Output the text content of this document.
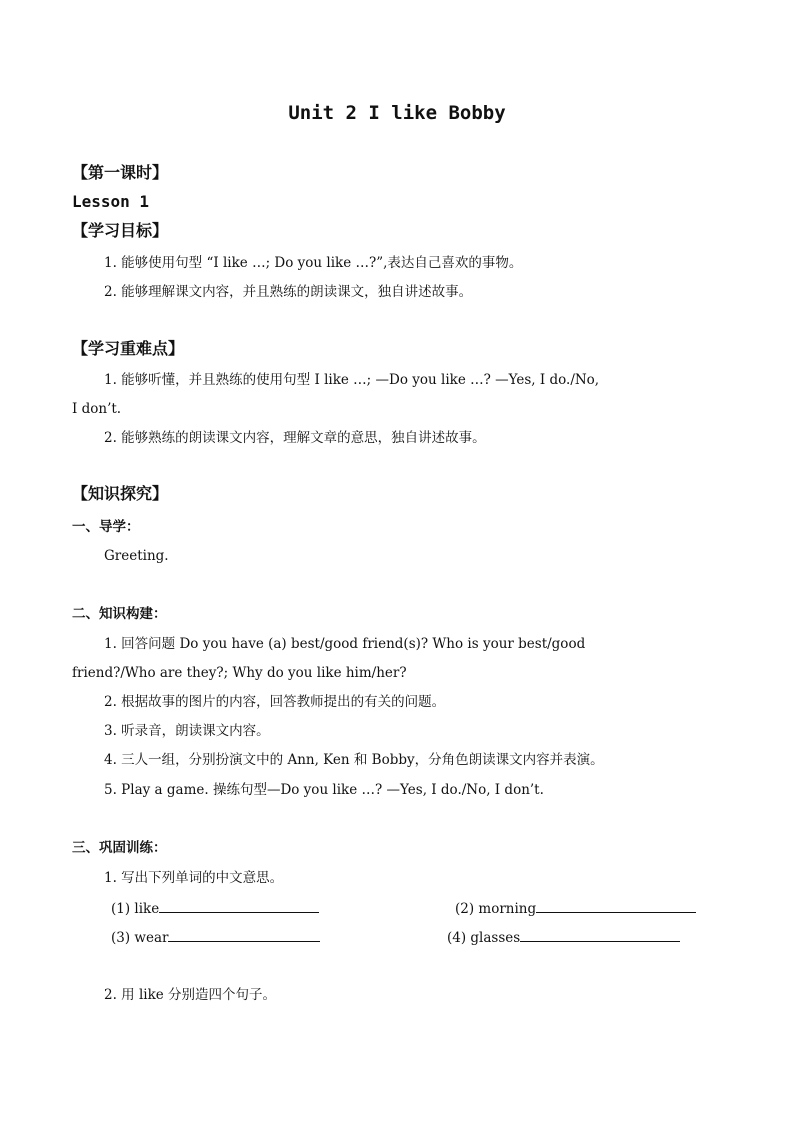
Unit 2 I like Bobby
【第一课时】
Lesson 1
【学习目标】
1. 能够使用句型 “I like …; Do you like …?”,表达自己喜欢的事物。
2. 能够理解课文内容，并且熟练的朗读课文，独自讲述故事。
【学习重难点】
1. 能够听懂，并且熟练的使用句型 I like …; —Do you like …? —Yes, I do./No,
I don’t.
2. 能够熟练的朗读课文内容，理解文章的意思，独自讲述故事。
【知识探究】
一、导学：
Greeting.
二、知识构建：
1. 回答问题 Do you have (a) best/good friend(s)? Who is your best/good
friend?/Who are they?; Why do you like him/her?
2. 根据故事的图片的内容，回答教师提出的有关的问题。
3. 听录音，朗读课文内容。
4. 三人一组，分别扮演文中的 Ann, Ken 和 Bobby，分角色朗读课文内容并表演。
5. Play a game. 操练句型—Do you like …? —Yes, I do./No, I don’t.
三、巩固训练：
1. 写出下列单词的中文意思。
(1) like	(2) morning
(3) wear	(4) glasses
2. 用 like 分别造四个句子。
